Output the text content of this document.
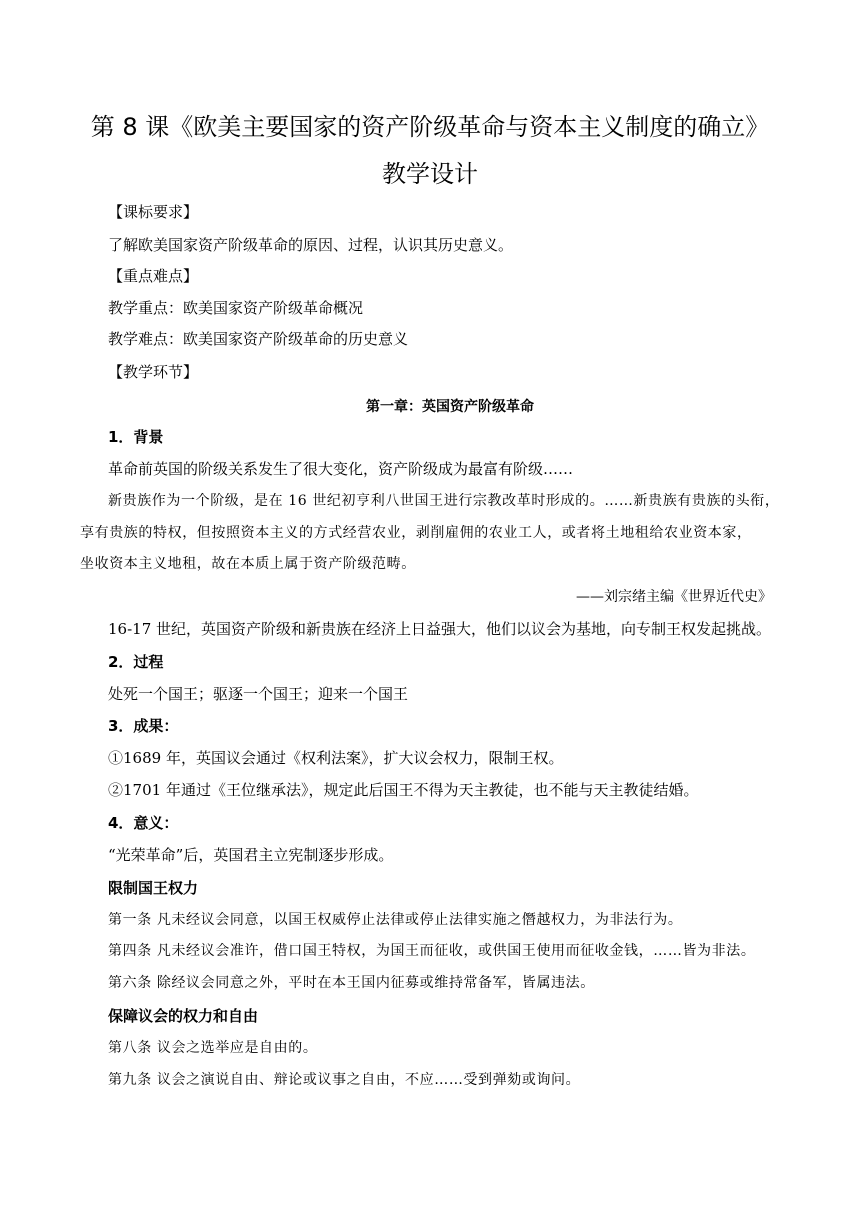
第 8 课《欧美主要国家的资产阶级革命与资本主义制度的确立》
教学设计
【课标要求】
了解欧美国家资产阶级革命的原因、过程，认识其历史意义。
【重点难点】
教学重点：欧美国家资产阶级革命概况
教学难点：欧美国家资产阶级革命的历史意义
【教学环节】
第一章：英国资产阶级革命
1．背景
革命前英国的阶级关系发生了很大变化，资产阶级成为最富有阶级……
新贵族作为一个阶级，是在 16 世纪初亨利八世国王进行宗教改革时形成的。……新贵族有贵族的头衔，
享有贵族的特权，但按照资本主义的方式经营农业，剥削雇佣的农业工人，或者将土地租给农业资本家，
坐收资本主义地租，故在本质上属于资产阶级范畴。
——刘宗绪主编《世界近代史》
16-17 世纪，英国资产阶级和新贵族在经济上日益强大，他们以议会为基地，向专制王权发起挑战。
2．过程
处死一个国王；驱逐一个国王；迎来一个国王
3．成果：
①1689 年，英国议会通过《权利法案》，扩大议会权力，限制王权。
②1701 年通过《王位继承法》，规定此后国王不得为天主教徒，也不能与天主教徒结婚。
4．意义：
“光荣革命”后，英国君主立宪制逐步形成。
限制国王权力
第一条 凡未经议会同意，以国王权威停止法律或停止法律实施之僭越权力，为非法行为。
第四条 凡未经议会准许，借口国王特权，为国王而征收，或供国王使用而征收金钱，……皆为非法。
第六条 除经议会同意之外，平时在本王国内征募或维持常备军，皆属违法。
保障议会的权力和自由
第八条 议会之选举应是自由的。
第九条 议会之演说自由、辩论或议事之自由，不应……受到弹劾或询问。
